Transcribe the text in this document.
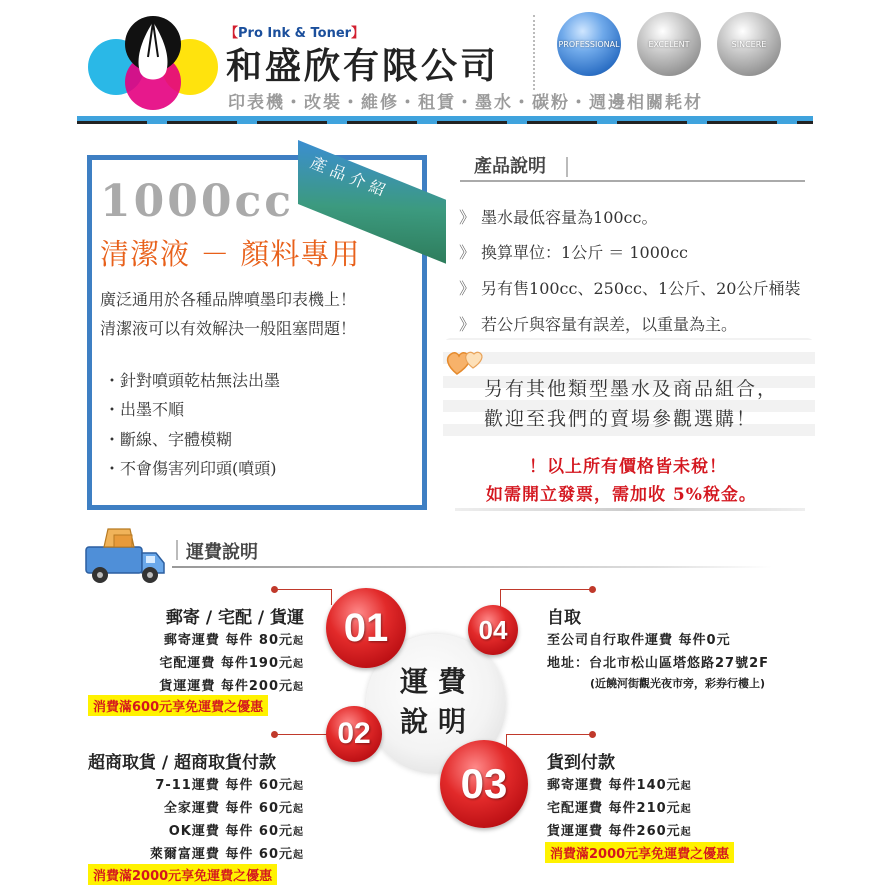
【Pro Ink & Toner】
和盛欣有限公司
印表機・改裝・維修・租賃・墨水・碳粉・週邊相關耗材
PROFESSIONAL	EXCELENT	SINCERE
產品介紹
1000cc
清潔液 － 顏料專用
廣泛通用於各種品牌噴墨印表機上！
清潔液可以有效解決一般阻塞問題！
・針對噴頭乾枯無法出墨
・出墨不順
・斷線、字體模糊
・不會傷害列印頭(噴頭)
產品說明
》 墨水最低容量為100cc。
》 換算單位：1公斤 ＝ 1000cc
》 另有售100cc、250cc、1公斤、20公斤桶裝
》 若公斤與容量有誤差，以重量為主。
另有其他類型墨水及商品組合，
歡迎至我們的賣場參觀選購！
！以上所有價格皆未稅！
如需開立發票，需加收 5%稅金。
運費說明
運費
說明
01	04
02
03
郵寄 / 宅配 / 貨運
郵寄運費 每件 80元起
宅配運費 每件190元起
貨運運費 每件200元起
消費滿600元享免運費之優惠
超商取貨 / 超商取貨付款
7-11運費 每件 60元起
全家運費 每件 60元起
OK運費 每件 60元起
萊爾富運費 每件 60元起
消費滿2000元享免運費之優惠
自取
至公司自行取件運費 每件0元
地址：台北市松山區塔悠路27號2F
(近饒河街觀光夜市旁，彩券行樓上)
貨到付款
郵寄運費 每件140元起
宅配運費 每件210元起
貨運運費 每件260元起
消費滿2000元享免運費之優惠
